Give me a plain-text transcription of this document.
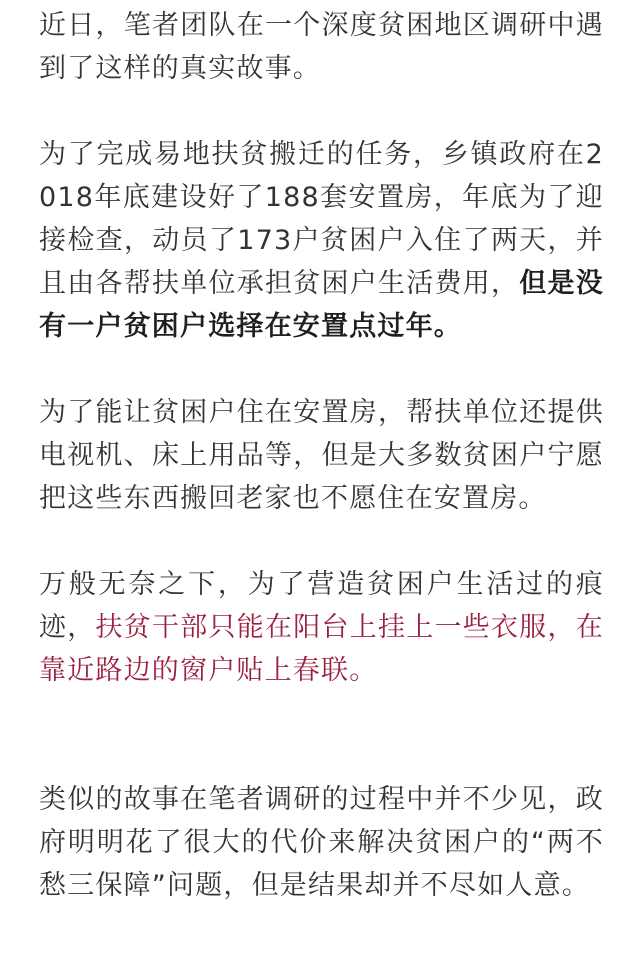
近日，笔者团队在一个深度贫困地区调研中遇到了这样的真实故事。

为了完成易地扶贫搬迁的任务，乡镇政府在2018年底建设好了188套安置房，年底为了迎接检查，动员了173户贫困户入住了两天，并且由各帮扶单位承担贫困户生活费用，但是没有一户贫困户选择在安置点过年。

为了能让贫困户住在安置房，帮扶单位还提供电视机、床上用品等，但是大多数贫困户宁愿把这些东西搬回老家也不愿住在安置房。

万般无奈之下，为了营造贫困户生活过的痕迹，扶贫干部只能在阳台上挂上一些衣服，在靠近路边的窗户贴上春联。

类似的故事在笔者调研的过程中并不少见，政府明明花了很大的代价来解决贫困户的“两不愁三保障”问题，但是结果却并不尽如人意。
